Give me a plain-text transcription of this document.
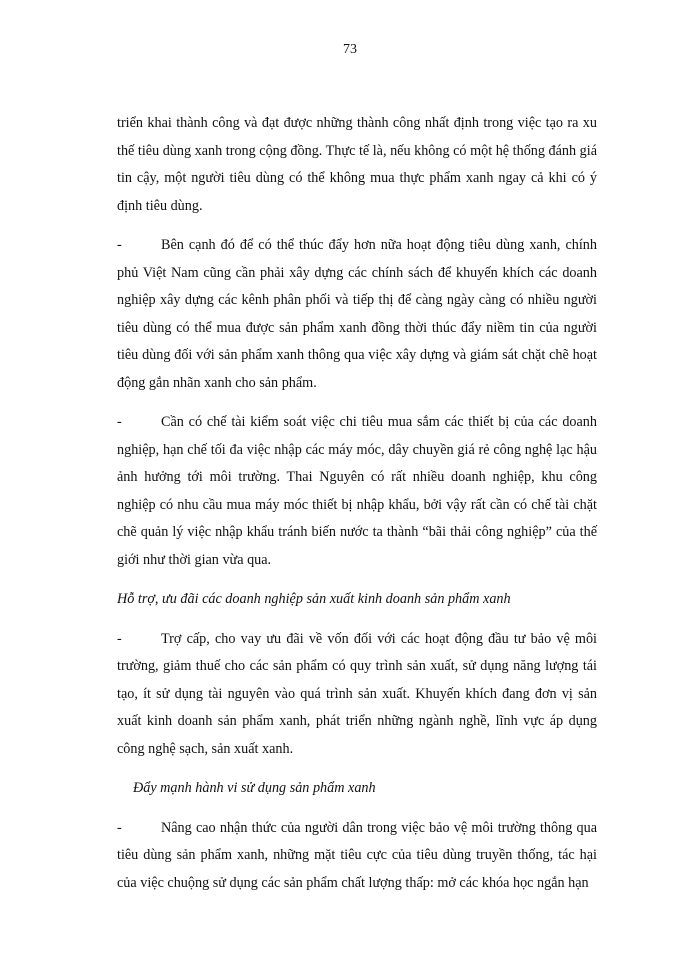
73

triển khai thành công và đạt được những thành công nhất định trong việc tạo ra xu thế tiêu dùng xanh trong cộng đồng. Thực tế là, nếu không có một hệ thống đánh giá tin cậy, một người tiêu dùng có thể không mua thực phẩm xanh ngay cả khi có ý định tiêu dùng.

-	Bên cạnh đó để có thể thúc đẩy hơn nữa hoạt động tiêu dùng xanh, chính phủ Việt Nam cũng cần phải xây dựng các chính sách để khuyến khích các doanh nghiệp xây dựng các kênh phân phối và tiếp thị để càng ngày càng có nhiều người tiêu dùng có thể mua được sản phẩm xanh đồng thời thúc đẩy niềm tin của người tiêu dùng đối với sản phẩm xanh thông qua việc xây dựng và giám sát chặt chẽ hoạt động gắn nhãn xanh cho sản phẩm.

-	Cần có chế tài kiểm soát việc chi tiêu mua sắm các thiết bị của các doanh nghiệp, hạn chế tối đa việc nhập các máy móc, dây chuyền giá rẻ công nghệ lạc hậu ảnh hưởng tới môi trường. Thai Nguyên có rất nhiều doanh nghiệp, khu công nghiệp có nhu cầu mua máy móc thiết bị nhập khẩu, bởi vậy rất cần có chế tài chặt chẽ quản lý việc nhập khẩu tránh biến nước ta thành “bãi thải công nghiệp” của thế giới như thời gian vừa qua.

Hỗ trợ, ưu đãi các doanh nghiệp sản xuất kinh doanh sản phẩm xanh

-	Trợ cấp, cho vay ưu đãi về vốn đối với các hoạt động đầu tư bảo vệ môi trường, giảm thuế cho các sản phẩm có quy trình sản xuất, sử dụng năng lượng tái tạo, ít sử dụng tài nguyên vào quá trình sản xuất. Khuyến khích đang đơn vị sản xuất kinh doanh sản phẩm xanh, phát triển những ngành nghề, lĩnh vực áp dụng công nghệ sạch, sản xuất xanh.

Đẩy mạnh hành vi sử dụng sản phẩm xanh

-	Nâng cao nhận thức của người dân trong việc bảo vệ môi trường thông qua tiêu dùng sản phẩm xanh, những mặt tiêu cực của tiêu dùng truyền thống, tác hại của việc chuộng sử dụng các sản phẩm chất lượng thấp: mở các khóa học ngắn hạn
